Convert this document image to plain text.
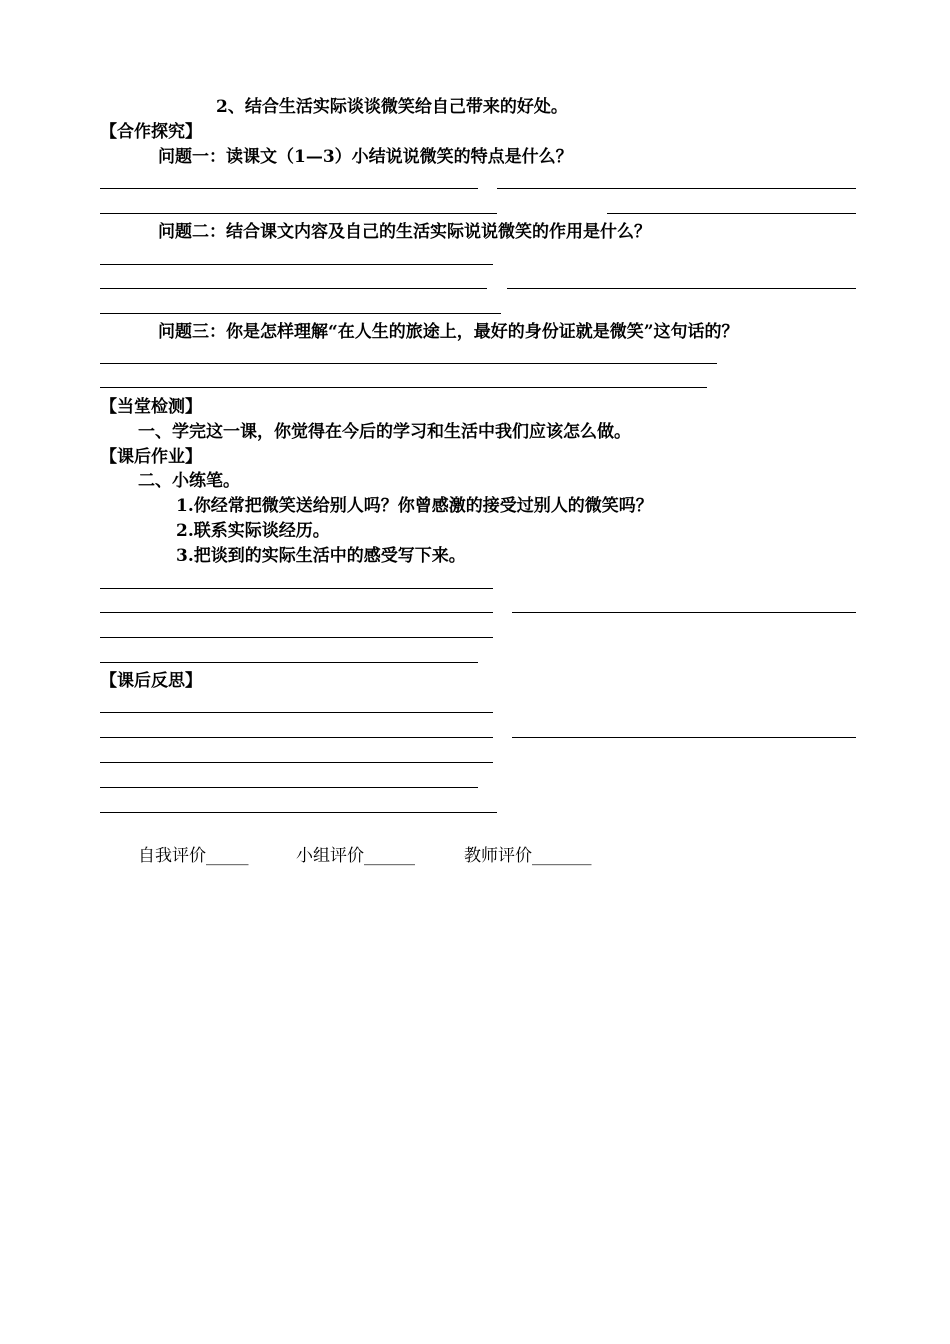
2、结合生活实际谈谈微笑给自己带来的好处。
【合作探究】
问题一：读课文（1—3）小结说说微笑的特点是什么？
问题二：结合课文内容及自己的生活实际说说微笑的作用是什么？
问题三：你是怎样理解“在人生的旅途上，最好的身份证就是微笑”这句话的？
【当堂检测】
一、学完这一课，你觉得在今后的学习和生活中我们应该怎么做。
【课后作业】
二、小练笔。
1.你经常把微笑送给别人吗？你曾感激的接受过别人的微笑吗？
2.联系实际谈经历。
3.把谈到的实际生活中的感受写下来。
【课后反思】
自我评价_____	小组评价______	教师评价_______
